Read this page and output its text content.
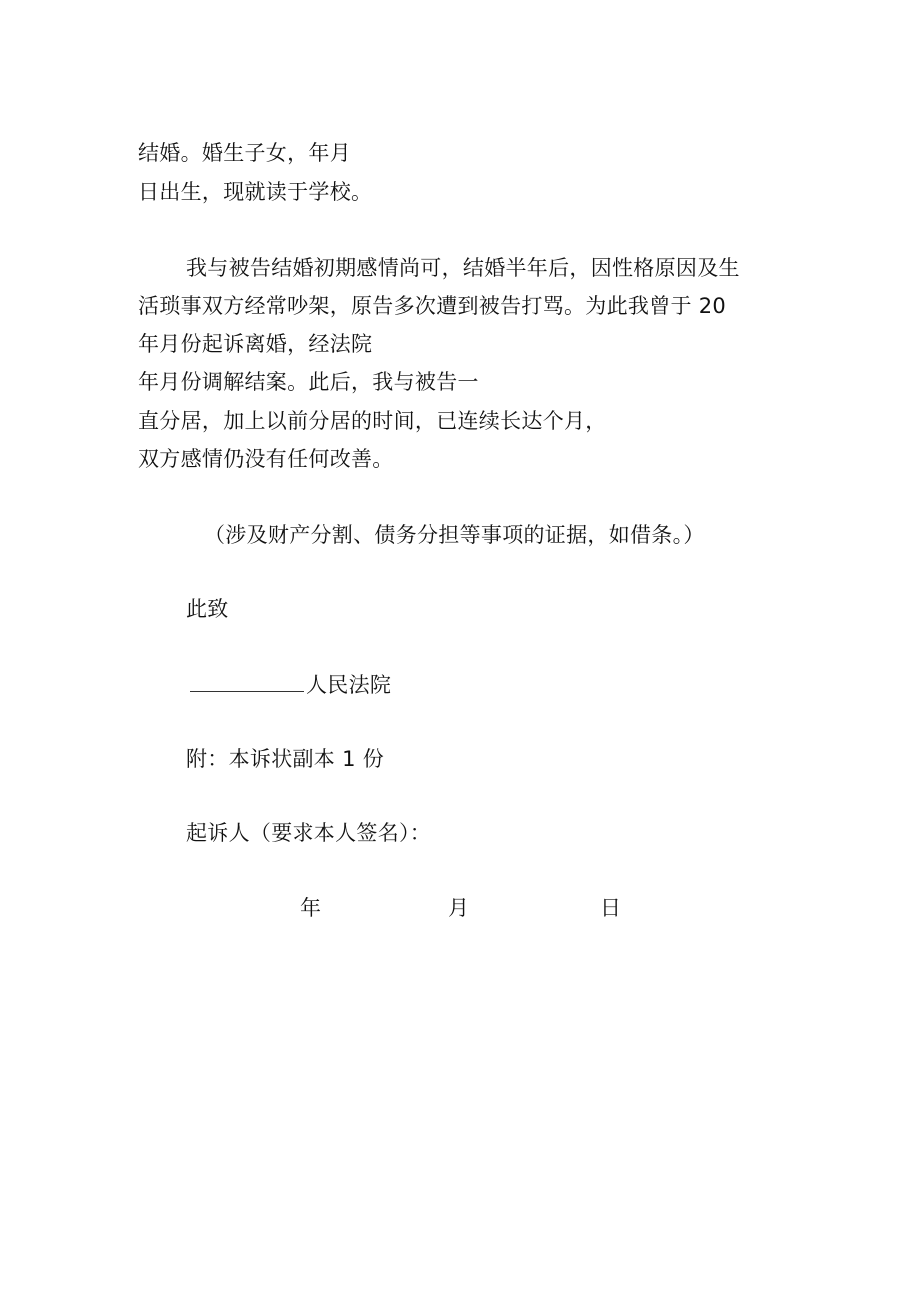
结婚。婚生子女，年月
日出生，现就读于学校。
我与被告结婚初期感情尚可，结婚半年后，因性格原因及生
活琐事双方经常吵架，原告多次遭到被告打骂。为此我曾于 20
年月份起诉离婚，经法院
年月份调解结案。此后，我与被告一
直分居，加上以前分居的时间，已连续长达个月，
双方感情仍没有任何改善。
（涉及财产分割、债务分担等事项的证据，如借条。）
此致
人民法院
附：本诉状副本 1 份
起诉人（要求本人签名）：
年	月	日
